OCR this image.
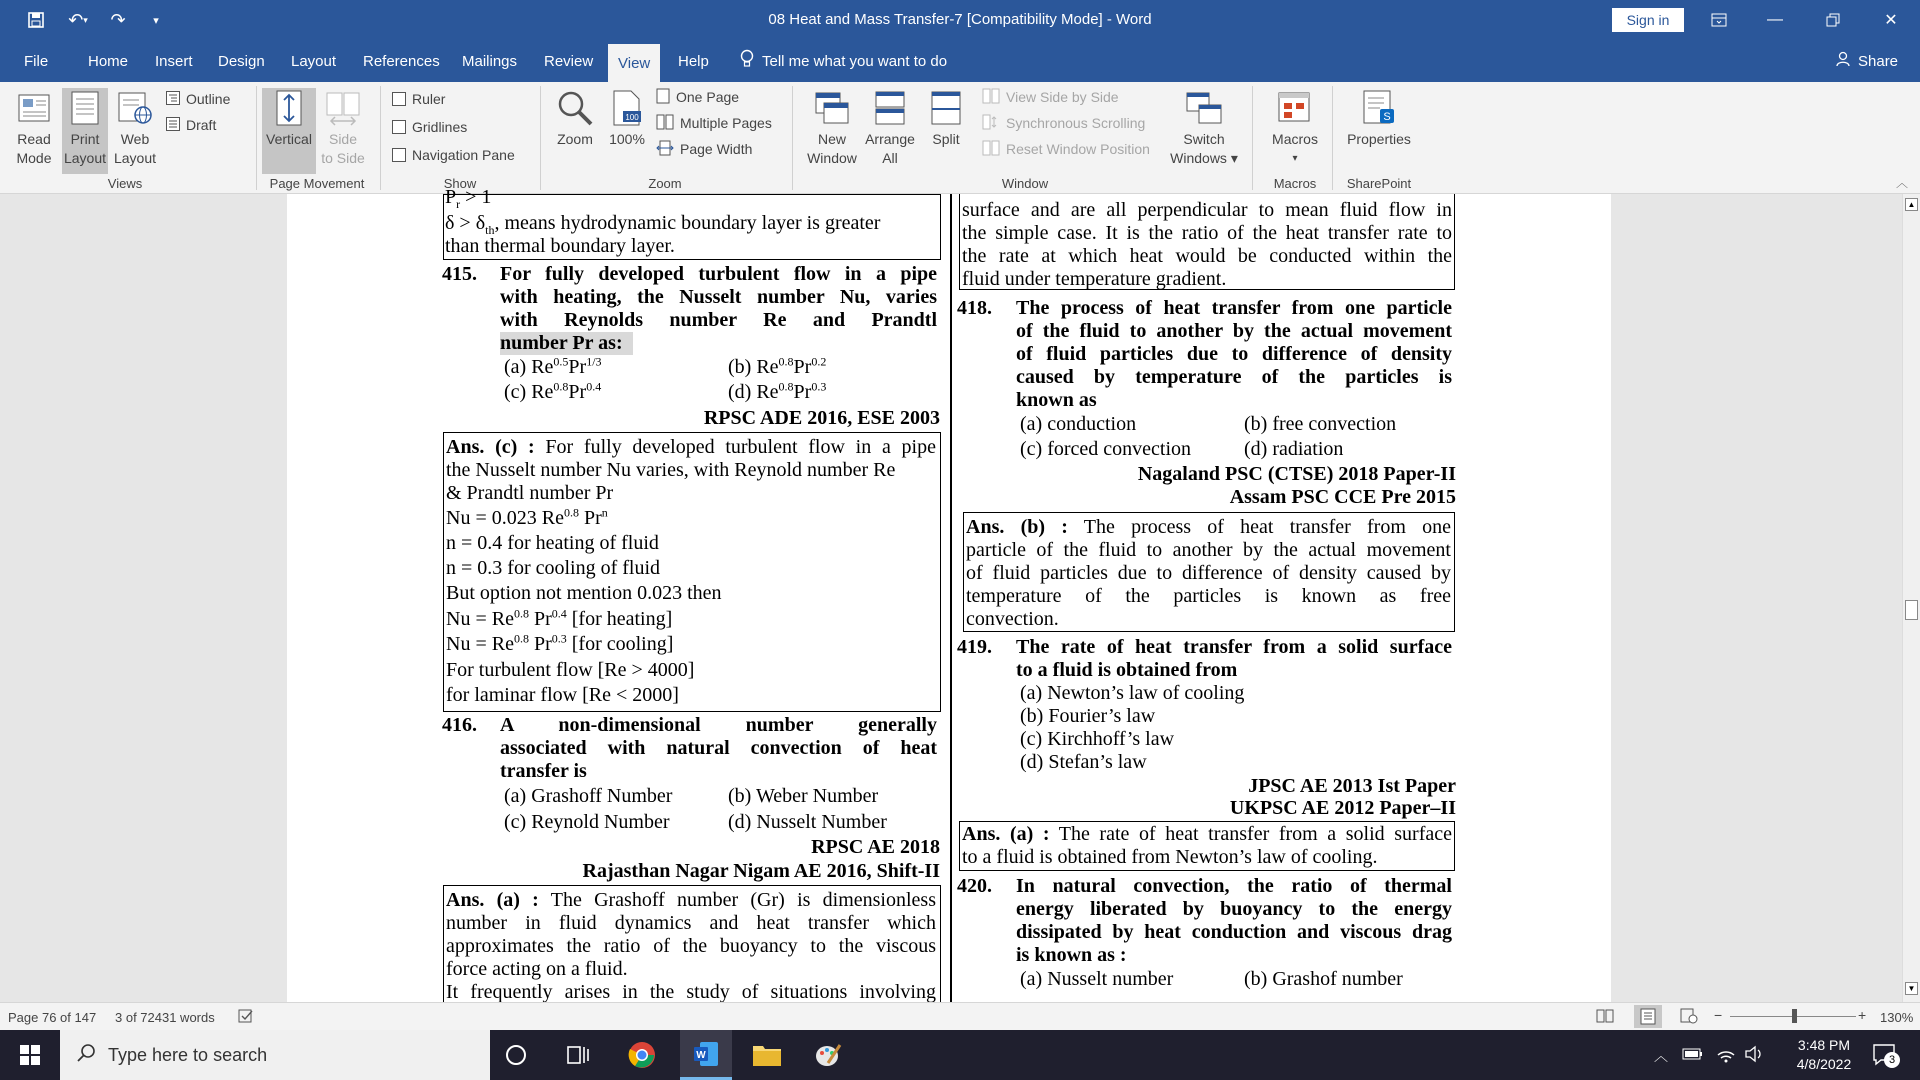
↶ ▾ ↷	▾	08 Heat and Mass Transfer-7 [Compatibility Mode] - Word	Sign in	—	✕
File	Home	Insert	Design	Layout	References	Mailings	Review	View	Help	Tell me what you want to do	Share
Read
Mode
Print
Layout
Web
Layout
Outline
Draft
Views
Vertical Side
to Side
Page Movement
Ruler
Gridlines
Navigation Pane
Show
Zoom
100
100%
One Page
Multiple Pages
Page Width
Zoom
New
Window
Arrange
All
Split
View Side by Side
Synchronous Scrolling
Reset Window Position
Switch
Windows ▾
Window
Macros
▾
Macros
S
Properties
SharePoint	︿
$P_r > 1$
$\delta > \delta_{th}$, means hydrodynamic boundary layer is greater
than thermal boundary layer.
415. For fully developed turbulent flow in a pipe
with heating, the Nusselt number Nu, varies
with Reynolds number Re and Prandtl
number Pr as:
(a) $Re^{0.5}Pr^{1/3}$	(b) $Re^{0.8}Pr^{0.2}$
(c) $Re^{0.8}Pr^{0.4}$	(d) $Re^{0.8}Pr^{0.3}$
RPSC ADE 2016, ESE 2003
Ans. (c) : For fully developed turbulent flow in a pipe
the Nusselt number Nu varies, with Reynold number Re
& Prandtl number Pr
Nu = 0.023 $Re^{0.8}$ Pr$^n$
n = 0.4 for heating of fluid
n = 0.3 for cooling of fluid
But option not mention 0.023 then
$Nu = Re^{0.8}$ $Pr^{0.4}$ [for heating]
$Nu = Re^{0.8}$ $Pr^{0.3}$ [for cooling]
For turbulent flow [Re > 4000]
for laminar flow [Re < 2000]
416. A    non-dimensional    number    generally
associated with natural convection of heat
transfer is
(a) Grashoff Number	(b) Weber Number
(c) Reynold Number	(d) Nusselt Number
RPSC AE 2018
Rajasthan Nagar Nigam AE 2016, Shift-II
Ans. (a) : The Grashoff number (Gr) is dimensionless
number in fluid dynamics and heat transfer which
approximates the ratio of the buoyancy to the viscous
force acting on a fluid.
It frequently arises in the study of situations involving
surface and are all perpendicular to mean fluid flow in
the simple case. It is the ratio of the heat transfer rate to
the rate at which heat would be conducted within the
fluid under temperature gradient.
418. The process of heat transfer from one particle
of the fluid to another by the actual movement
of fluid particles due to difference of density
caused by temperature of the particles is
known as
(a) conduction	(b) free convection
(c) forced convection	(d) radiation
Nagaland PSC (CTSE) 2018 Paper-II
Assam PSC CCE Pre 2015
Ans. (b) : The process of heat transfer from one
particle of the fluid to another by the actual movement
of fluid particles due to difference of density caused by
temperature of the particles is known as free
convection.
419. The rate of heat transfer from a solid surface
to a fluid is obtained from
(a) Newton’s law of cooling
(b) Fourier’s law
(c) Kirchhoff’s law
(d) Stefan’s law
JPSC AE 2013 Ist Paper
UKPSC AE 2012 Paper–II
Ans. (a) : The rate of heat transfer from a solid surface
to a fluid is obtained from Newton’s law of cooling.
420. In natural convection, the ratio of thermal
energy liberated by buoyancy to the energy
dissipated by heat conduction and viscous drag
is known as :
(a) Nusselt number	(b) Grashof number
▲
▼
Page 76 of 147 3 of 72431 words	−	+ 130%
Type here to search	W	︿
3:48 PM
4/8/2022	3
